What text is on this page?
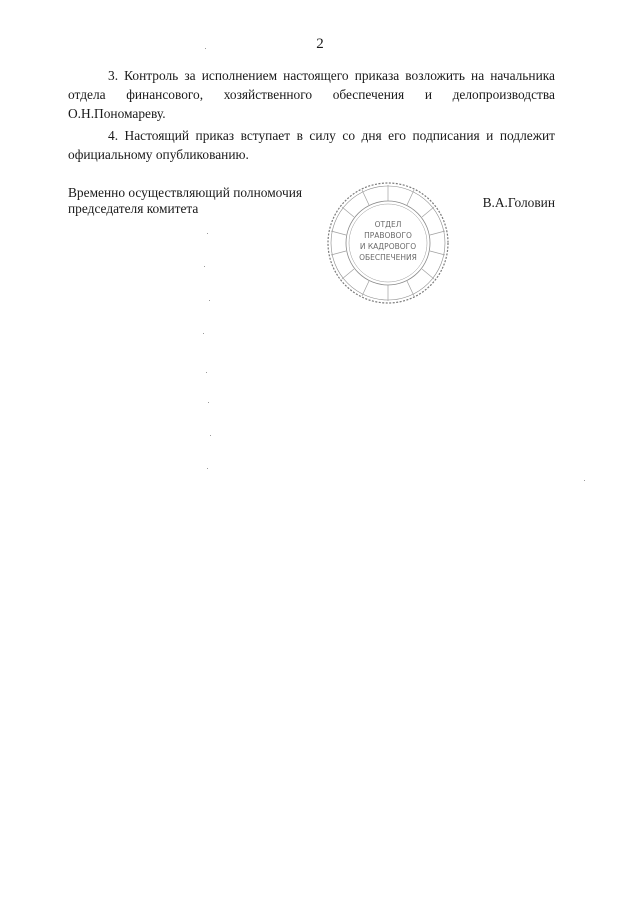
2

3. Контроль за исполнением настоящего приказа возложить на начальника отдела финансового, хозяйственного обеспечения и делопроизводства О.Н.Пономареву.

4. Настоящий приказ вступает в силу со дня его подписания и подлежит официальному опубликованию.

Временно осуществляющий полномочия
председателя комитета
ОТДЕЛ
ПРАВОВОГО
И КАДРОВОГО
ОБЕСПЕЧЕНИЯ
В.А.Головин
